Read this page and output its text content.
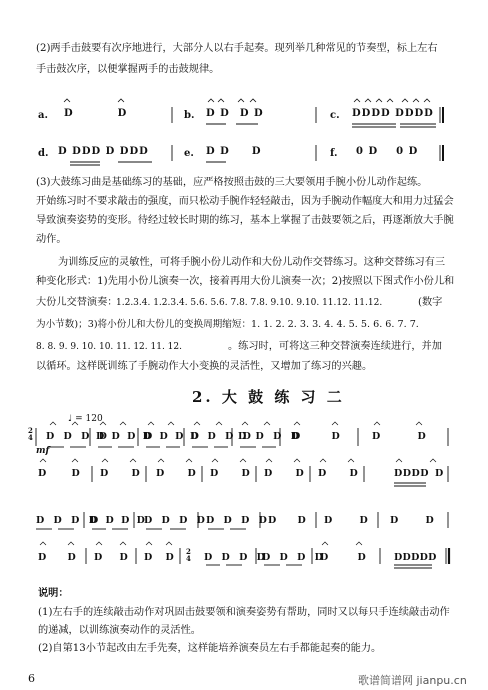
(2)两手击鼓要有次序地进行，大部分人以右手起奏。现列举几种常见的节奏型，标上左右
手击鼓次序，以便掌握两手的击鼓规律。
a. D	D	b. D D D D	c. DDDD DDDD
d. D DDD D DDD	e. D D D	f. 0 D 0 D
(3)大鼓练习曲是基础练习的基础，应严格按照击鼓的三大要领用手腕小份儿动作起练。
开始练习时不要求敲击的强度，而只松动手腕作轻轻敲击，因为手腕动作幅度大和用力过猛会
导致演奏姿势的变形。待经过较长时期的练习，基本上掌握了击鼓要领之后，再逐渐放大手腕
动作。
为训练反应的灵敏性，可将手腕小份儿动作和大份儿动作交替练习。这种交替练习有三
种变化形式：1)先用小份儿演奏一次，接着再用大份儿演奏一次；2)按照以下图式作小份儿和
大份儿交替演奏：
1.2.3.4. 1.2.3.4. 5.6. 5.6. 7.8. 7.8. 9.10. 9.10. 11.12. 11.12.	(数字
为小节数)；3)将小份儿和大份儿的变换周期缩短：1. 1. 2. 2. 3. 3. 4. 4. 5. 5. 6. 6. 7. 7.
8. 8. 9. 9. 10. 10. 11. 12. 11. 12.	。练习时，可将这三种交替演奏连续进行，并加
以循环。这样既训练了手腕动作大小变换的灵活性，又增加了练习的兴趣。
2. 大 鼓 练 习 二
♩ = 120
2
4
mf
D D D D
D D D D
D D D D
D D D D
D D D D
D D	D D
D D D D D D D D D D D D	DDDD D
D D D D
D D D D D D D D D D D D D D D D D D
D D D D D D
2
4 D D D D
D D D D
D D	DDDDD
说明：
(1)左右手的连续敲击动作对巩固击鼓要领和演奏姿势有帮助，同时又以每只手连续敲击动作
的递减，以训练演奏动作的灵活性。
(2)自第13小节起改由左手先奏，这样能培养演奏员左右手都能起奏的能力。
6	歌谱简谱网 jianpu.cn
